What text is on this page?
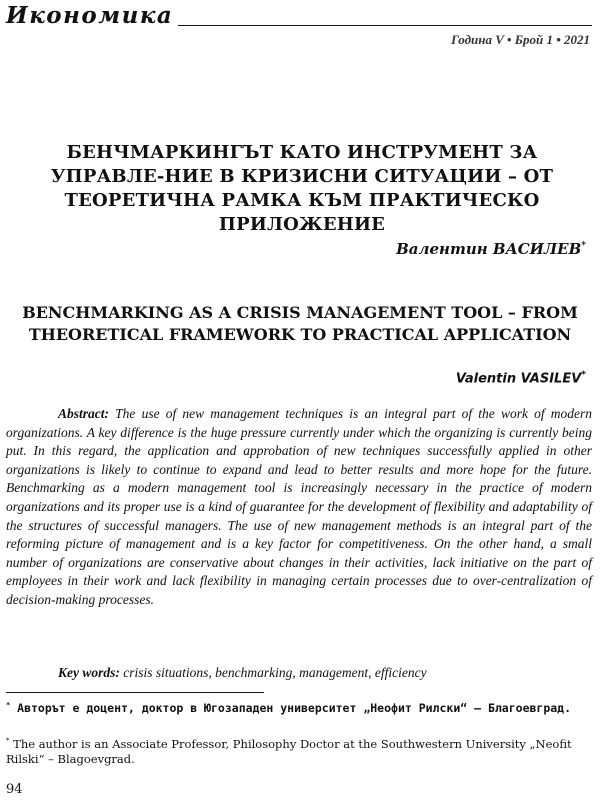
Икономика
Година V • Брой 1 • 2021
БЕНЧМАРКИНГЪТ КАТО ИНСТРУМЕНТ ЗА УПРАВЛЕ-НИЕ В КРИЗИСНИ СИТУАЦИИ – ОТ ТЕОРЕТИЧНА РАМКА КЪМ ПРАКТИЧЕСКО ПРИЛОЖЕНИЕ
Валентин ВАСИЛЕВ*
BENCHMARKING AS A CRISIS MANAGEMENT TOOL – FROM THEORETICAL FRAMEWORK TO PRACTICAL APPLICATION
Valentin VASILEV*

Abstract: The use of new management techniques is an integral part of the work of modern organizations. A key difference is the huge pressure currently under which the organizing is currently being put. In this regard, the application and approbation of new techniques successfully applied in other organizations is likely to continue to expand and lead to better results and more hope for the future. Benchmarking as a modern management tool is increasingly necessary in the practice of modern organizations and its proper use is a kind of guarantee for the development of flexibility and adaptability of the structures of successful managers. The use of new management methods is an integral part of the reforming picture of management and is a key factor for competitiveness. On the other hand, a small number of organizations are conservative about changes in their activities, lack initiative on the part of employees in their work and lack flexibility in managing certain processes due to over-centralization of decision-making processes.

Key words: crisis situations, benchmarking, management, efficiency

* Авторът е доцент, доктор в Югозападен университет „Неофит Рилски“ – Благоевград.

* The author is an Associate Professor, Philosophy Doctor at the Southwestern University „Neofit Rilski“ – Blagoevgrad.

94
